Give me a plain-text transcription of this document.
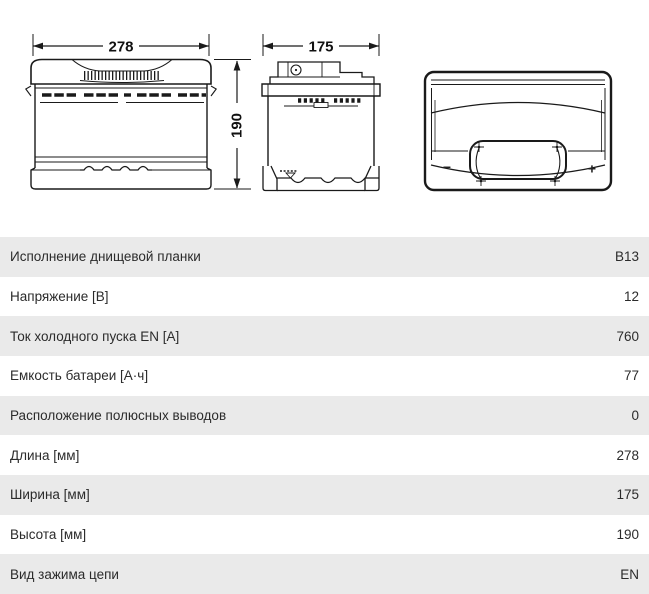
278
190
175
−	+
Исполнение днищевой планки	B13
Напряжение [В]	12
Ток холодного пуска EN [A]	760
Емкость батареи [А·ч]	77
Расположение полюсных выводов	0
Длина [мм]	278
Ширина [мм]	175
Высота [мм]	190
Вид зажима цепи	EN
